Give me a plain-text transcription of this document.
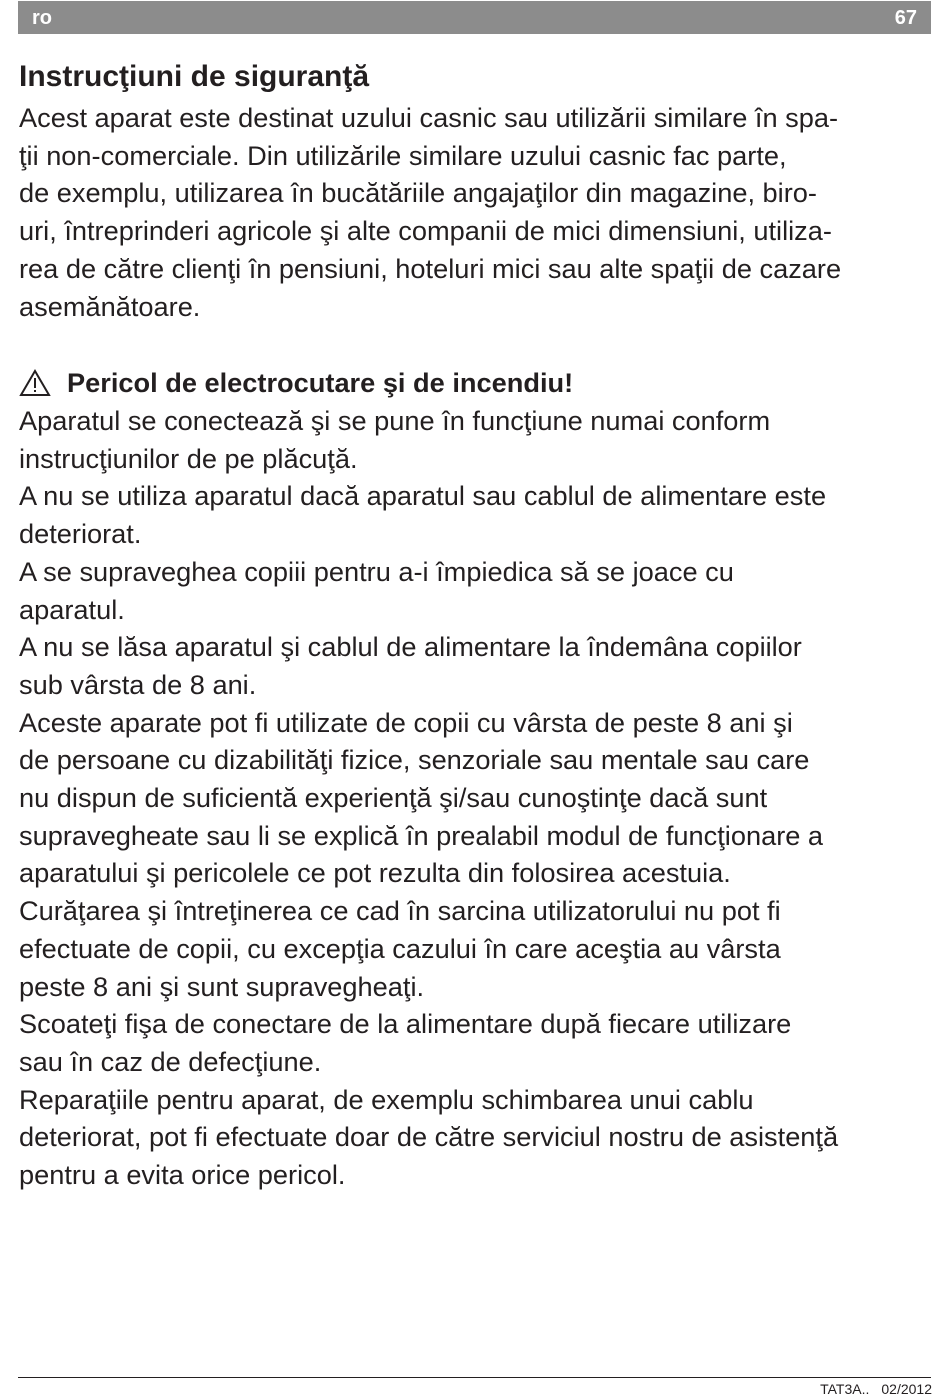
ro	67
Instrucţiuni de siguranţă
Acest aparat este destinat uzului casnic sau utilizării similare în spa-
ţii non-comerciale. Din utilizările similare uzului casnic fac parte,
de exemplu, utilizarea în bucătăriile angajaţilor din magazine, biro-
uri, întreprinderi agricole şi alte companii de mici dimensiuni, utiliza-
rea de către clienţi în pensiuni, hoteluri mici sau alte spaţii de cazare
asemănătoare.
Pericol de electrocutare şi de incendiu!
Aparatul se conectează şi se pune în funcţiune numai conform
instrucţiunilor de pe plăcuţă.
A nu se utiliza aparatul dacă aparatul sau cablul de alimentare este
deteriorat.
A se supraveghea copiii pentru a-i împiedica să se joace cu
aparatul.
A nu se lăsa aparatul şi cablul de alimentare la îndemâna copiilor
sub vârsta de 8 ani.
Aceste aparate pot fi utilizate de copii cu vârsta de peste 8 ani şi
de persoane cu dizabilităţi fizice, senzoriale sau mentale sau care
nu dispun de suficientă experienţă şi/sau cunoştinţe dacă sunt
supravegheate sau li se explică în prealabil modul de funcţionare a
aparatului şi pericolele ce pot rezulta din folosirea acestuia.
Curăţarea şi întreţinerea ce cad în sarcina utilizatorului nu pot fi
efectuate de copii, cu excepţia cazului în care aceştia au vârsta
peste 8 ani şi sunt supravegheaţi.
Scoateţi fişa de conectare de la alimentare după fiecare utilizare
sau în caz de defecţiune.
Reparaţiile pentru aparat, de exemplu schimbarea unui cablu
deteriorat, pot fi efectuate doar de către serviciul nostru de asistenţă
pentru a evita orice pericol.
TAT3A.. 02/2012
